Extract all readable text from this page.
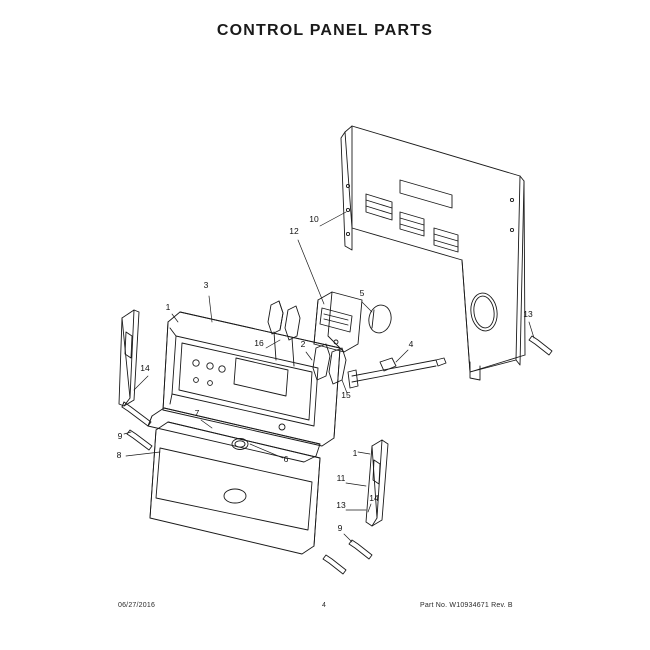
CONTROL PANEL PARTS
1
3
10
12
5
13
16	2	4
14
15
9
7
8	6
1
11
13
14
9
06/27/2016	4	Part No. W10934671 Rev. B
